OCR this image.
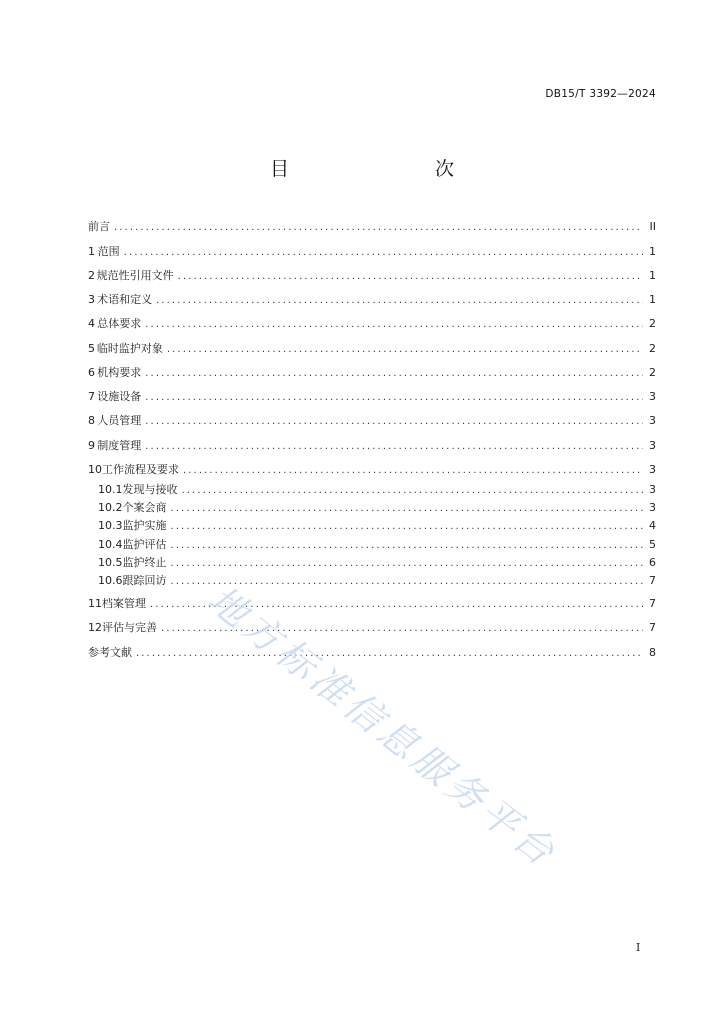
DB15/T 3392—2024
目　　次
前言 .....	II
1 范围 .....	1
2 规范性引用文件 .....	1
3 术语和定义 .....	1
4 总体要求 .....	2
5 临时监护对象 .....	2
6 机构要求 .....	2
7 设施设备 .....	3
8 人员管理 .....	3
9 制度管理 .....	3
10 工作流程及要求 .....	3
10.1 发现与接收 .....	3
10.2 个案会商 .....	3
10.3 监护实施 .....	4
10.4 监护评估 .....	5
10.5 监护终止 .....	6
10.6 跟踪回访 .....	7
11 档案管理 .....	7
12 评估与完善 .....	7
参考文献 .....	8
地方标准信息服务平台
I
